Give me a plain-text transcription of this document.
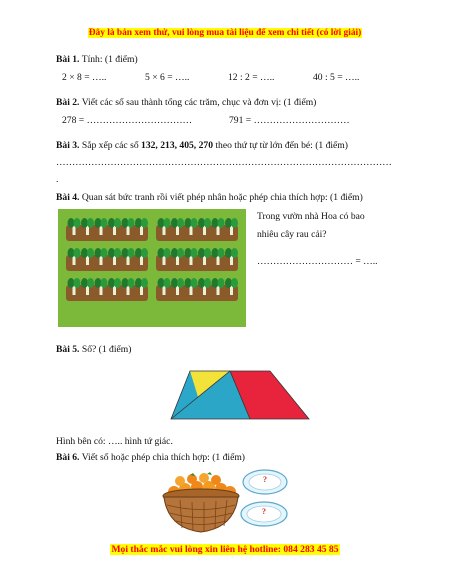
Đây là bản xem thử, vui lòng mua tài liệu để xem chi tiết (có lời giải)
Bài 1. Tính: (1 điểm)
2 × 8 = …..	5 × 6 = …..	12 : 2 = …..	40 : 5 = …..
Bài 2. Viết các số sau thành tổng các trăm, chục và đơn vị: (1 điểm)
278 = ……………………………	791 = …………………………
Bài 3. Sắp xếp các số 132, 213, 405, 270 theo thứ tự từ lớn đến bé: (1 điểm)
……………………………………………………………………………………………
.
Bài 4. Quan sát bức tranh rồi viết phép nhân hoặc phép chia thích hợp: (1 điểm)
Trong vườn nhà Hoa có bao
nhiêu cây rau cải?
………………………… = …..
Bài 5. Số? (1 điểm)
Hình bên có: ….. hình tứ giác.
Bài 6. Viết số hoặc phép chia thích hợp: (1 điểm)
?
?
Mọi thắc mắc vui lòng xin liên hệ hotline: 084 283 45 85
